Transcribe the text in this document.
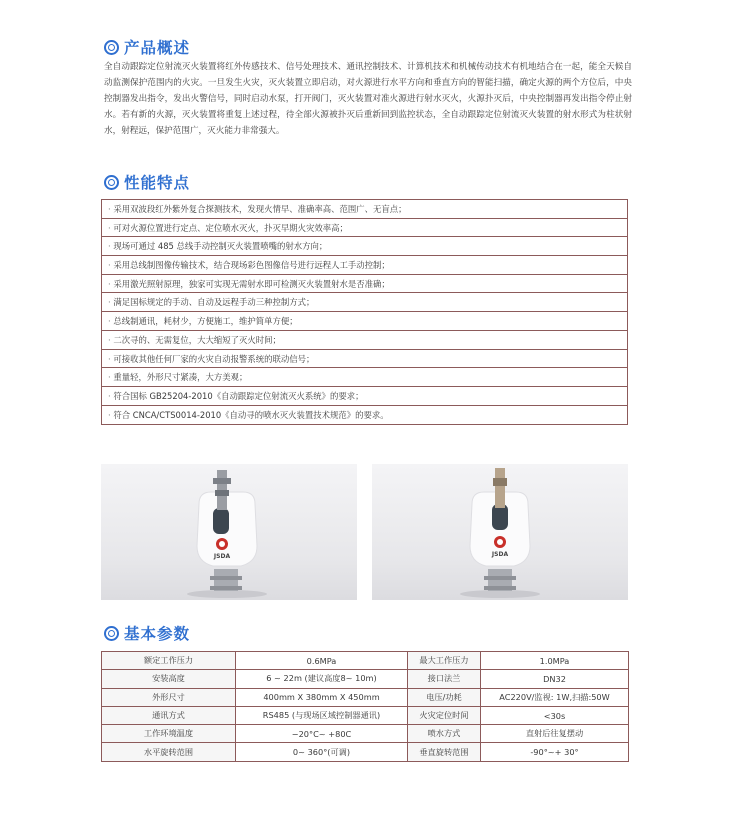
产品概述

全自动跟踪定位射流灭火装置将红外传感技术、信号处理技术、通讯控制技术、计算机技术和机械传动技术有机地结合在一起，能全天候自动监测保护范围内的火灾。一旦发生火灾，灭火装置立即启动，对火源进行水平方向和垂直方向的智能扫描，确定火源的两个方位后，中央控制器发出指令，发出火警信号，同时启动水泵，打开阀门，灭火装置对准火源进行射水灭火，火源扑灭后，中央控制器再发出指令停止射水。若有新的火源，灭火装置将重复上述过程，待全部火源被扑灭后重新回到监控状态，全自动跟踪定位射流灭火装置的射水形式为柱状射水，射程远，保护范围广，灭火能力非常强大。

性能特点
· 采用双波段红外紫外复合探测技术，发现火情早、准确率高、范围广、无盲点；
· 可对火源位置进行定点、定位喷水灭火，扑灭早期火灾效率高；
· 现场可通过 485 总线手动控制灭火装置喷嘴的射水方向；
· 采用总线制图像传输技术，结合现场彩色图像信号进行远程人工手动控制；
· 采用激光照射原理，独家可实现无需射水即可检测灭火装置射水是否准确；
· 满足国标规定的手动、自动及远程手动三种控制方式；
· 总线制通讯，耗材少，方便施工，维护简单方便；
· 二次寻的、无需复位，大大缩短了灭火时间；
· 可接收其他任何厂家的火灾自动报警系统的联动信号；
· 重量轻，外形尺寸紧凑，大方美观；
· 符合国标 GB25204-2010《自动跟踪定位射流灭火系统》的要求；
· 符合 CNCA/CTS0014-2010《自动寻的喷水灭火装置技术规范》的要求。
JSDA	JSDA
基本参数
额定工作压力	0.6MPa	最大工作压力	1.0MPa
安装高度	6 ~ 22m (建议高度8~ 10m)	接口法兰	DN32
外形尺寸	400mm X 380mm X 450mm	电压/功耗	AC220V/监视: 1W,扫描:50W
通讯方式	RS485 (与现场区域控制器通讯)	火灾定位时间	<30s
工作环境温度	−20°C~ +80C	喷水方式	直射后往复摆动
水平旋转范围	0~ 360°(可调)	垂直旋转范围	-90°~+ 30°
